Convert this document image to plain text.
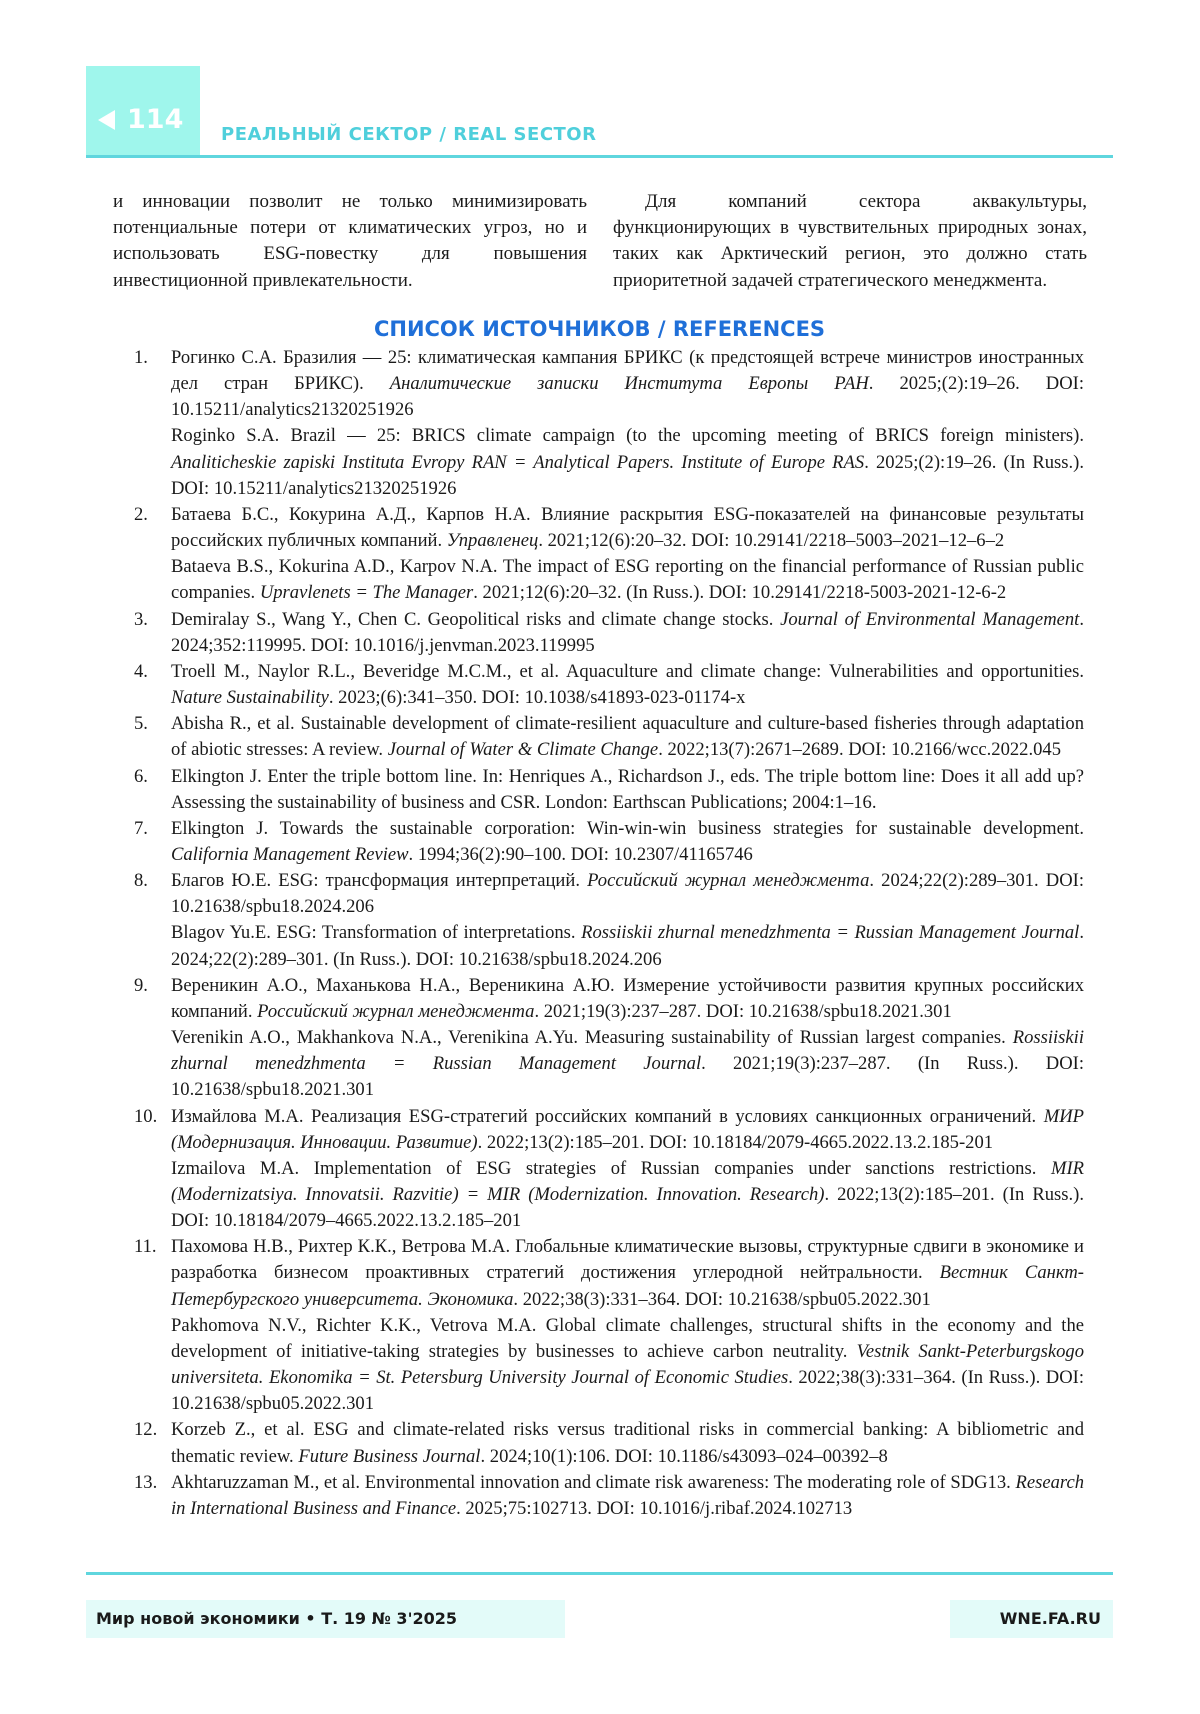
114 РЕАЛЬНЫЙ СЕКТОР / REAL SECTOR
и инновации позволит не только минимизировать потенциальные потери от климатических угроз, но и использовать ESG-повестку для повышения инвестиционной привлекательности.
Для компаний сектора аквакультуры, функционирующих в чувствительных природных зонах, таких как Арктический регион, это должно стать приоритетной задачей стратегического менеджмента.
СПИСОК ИСТОЧНИКОВ / REFERENCES
1. Рогинко С.А. Бразилия — 25: климатическая кампания БРИКС (к предстоящей встрече министров иностранных дел стран БРИКС). Аналитические записки Института Европы РАН. 2025;(2):19–26. DOI: 10.15211/analytics21320251926

Roginko S.A. Brazil — 25: BRICS climate campaign (to the upcoming meeting of BRICS foreign ministers). Analiticheskie zapiski Instituta Evropy RAN = Analytical Papers. Institute of Europe RAS. 2025;(2):19–26. (In Russ.). DOI: 10.15211/analytics21320251926

2. Батаева Б.С., Кокурина А.Д., Карпов Н.А. Влияние раскрытия ESG-показателей на финансовые результаты российских публичных компаний. Управленец. 2021;12(6):20–32. DOI: 10.29141/2218–5003–2021–12–6–2

Bataeva B.S., Kokurina A.D., Karpov N.A. The impact of ESG reporting on the financial performance of Russian public companies. Upravlenets = The Manager. 2021;12(6):20–32. (In Russ.). DOI: 10.29141/2218-5003-2021-12-6-2

3. Demiralay S., Wang Y., Chen C. Geopolitical risks and climate change stocks. Journal of Environmental Management. 2024;352:119995. DOI: 10.1016/j.jenvman.2023.119995

4. Troell M., Naylor R.L., Beveridge M.C.M., et al. Aquaculture and climate change: Vulnerabilities and opportunities. Nature Sustainability. 2023;(6):341–350. DOI: 10.1038/s41893-023-01174-x

5. Abisha R., et al. Sustainable development of climate-resilient aquaculture and culture-based fisheries through adaptation of abiotic stresses: A review. Journal of Water & Climate Change. 2022;13(7):2671–2689. DOI: 10.2166/wcc.2022.045

6. Elkington J. Enter the triple bottom line. In: Henriques A., Richardson J., eds. The triple bottom line: Does it all add up? Assessing the sustainability of business and CSR. London: Earthscan Publications; 2004:1–16.

7. Elkington J. Towards the sustainable corporation: Win-win-win business strategies for sustainable development. California Management Review. 1994;36(2):90–100. DOI: 10.2307/41165746

8. Благов Ю.Е. ESG: трансформация интерпретаций. Российский журнал менеджмента. 2024;22(2):289–301. DOI: 10.21638/spbu18.2024.206

Blagov Yu.E. ESG: Transformation of interpretations. Rossiiskii zhurnal menedzhmenta = Russian Management Journal. 2024;22(2):289–301. (In Russ.). DOI: 10.21638/spbu18.2024.206

9. Вереникин А.О., Маханькова Н.А., Вереникина А.Ю. Измерение устойчивости развития крупных российских компаний. Российский журнал менеджмента. 2021;19(3):237–287. DOI: 10.21638/spbu18.2021.301

Verenikin A.O., Makhankova N.A., Verenikina A.Yu. Measuring sustainability of Russian largest companies. Rossiiskii zhurnal menedzhmenta = Russian Management Journal. 2021;19(3):237–287. (In Russ.). DOI: 10.21638/spbu18.2021.301

10. Измайлова М.А. Реализация ESG-стратегий российских компаний в условиях санкционных ограничений. МИР (Модернизация. Инновации. Развитие). 2022;13(2):185–201. DOI: 10.18184/2079-4665.2022.13.2.185-201

Izmailova M.A. Implementation of ESG strategies of Russian companies under sanctions restrictions. MIR (Modernizatsiya. Innovatsii. Razvitie) = MIR (Modernization. Innovation. Research). 2022;13(2):185–201. (In Russ.). DOI: 10.18184/2079–4665.2022.13.2.185–201

11. Пахомова Н.В., Рихтер К.К., Ветрова М.А. Глобальные климатические вызовы, структурные сдвиги в экономике и разработка бизнесом проактивных стратегий достижения углеродной нейтральности. Вестник Санкт-Петербургского университета. Экономика. 2022;38(3):331–364. DOI: 10.21638/spbu05.2022.301

Pakhomova N.V., Richter K.K., Vetrova M.A. Global climate challenges, structural shifts in the economy and the development of initiative-taking strategies by businesses to achieve carbon neutrality. Vestnik Sankt-Peterburgskogo universiteta. Ekonomika = St. Petersburg University Journal of Economic Studies. 2022;38(3):331–364. (In Russ.). DOI: 10.21638/spbu05.2022.301

12. Korzeb Z., et al. ESG and climate-related risks versus traditional risks in commercial banking: A bibliometric and thematic review. Future Business Journal. 2024;10(1):106. DOI: 10.1186/s43093–024–00392–8

13. Akhtaruzzaman M., et al. Environmental innovation and climate risk awareness: The moderating role of SDG13. Research in International Business and Finance. 2025;75:102713. DOI: 10.1016/j.ribaf.2024.102713

Мир новой экономики • Т. 19 № 3'2025	WNE.FA.RU
